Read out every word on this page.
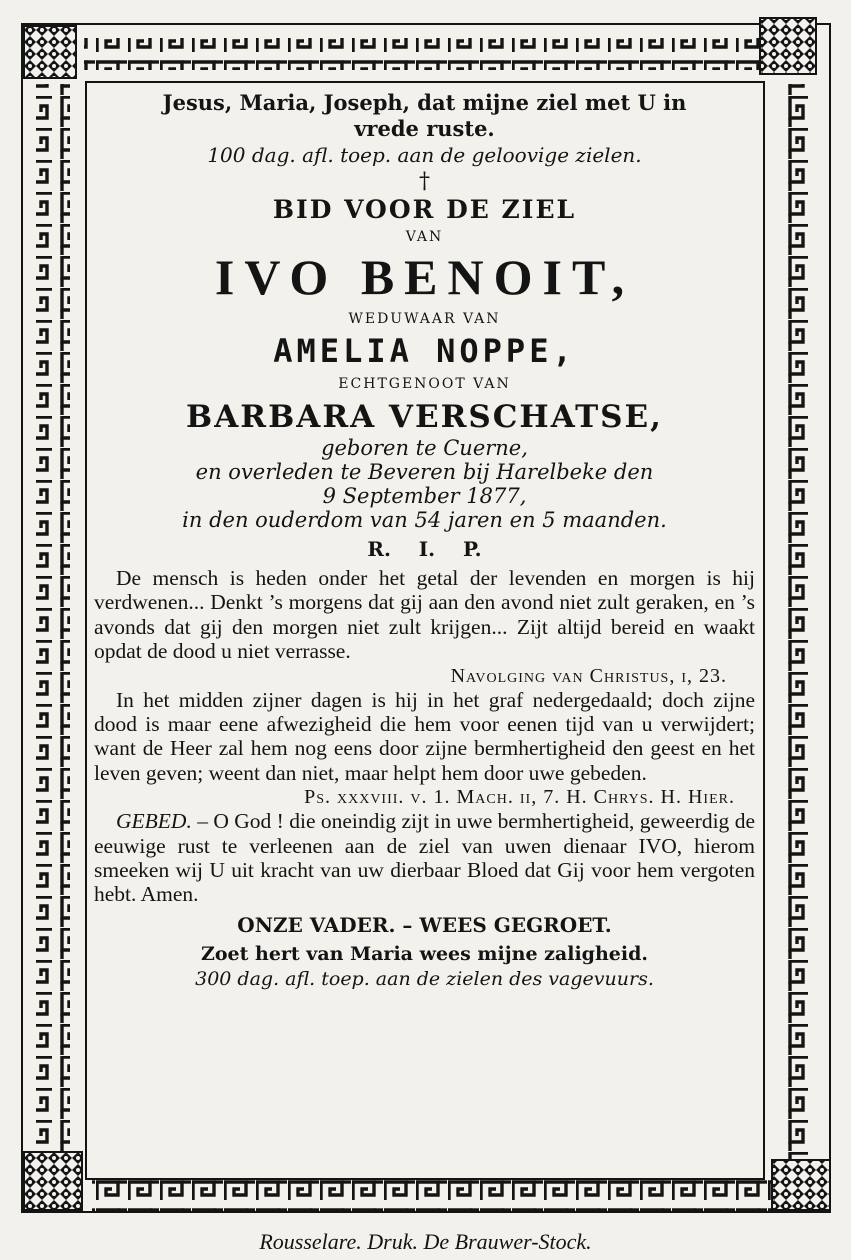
Jesus, Maria, Joseph, dat mijne ziel met U in
vrede ruste.
100 dag. afl. toep. aan de geloovige zielen.
†
BID VOOR DE ZIEL
VAN
IVO BENOIT,
WEDUWAAR VAN
AMELIA NOPPE,
ECHTGENOOT VAN
BARBARA VERSCHATSE,
geboren te Cuerne,
en overleden te Beveren bij Harelbeke den
9 September 1877,
in den ouderdom van 54 jaren en 5 maanden.
R.    I.    P.

De mensch is heden onder het getal der levenden en morgen is hij verdwenen... Denkt ’s morgens dat gij aan den avond niet zult geraken, en ’s avonds dat gij den morgen niet zult krijgen... Zijt altijd bereid en waakt opdat de dood u niet verrasse.

Navolging van Christus, i, 23.

In het midden zijner dagen is hij in het graf nedergedaald; doch zijne dood is maar eene afwezigheid die hem voor eenen tijd van u verwijdert; want de Heer zal hem nog eens door zijne bermhertigheid den geest en het leven geven; weent dan niet, maar helpt hem door uwe gebeden.

Ps. xxxviii. v. 1. Mach. ii, 7. H. Chrys. H. Hier.

GEBED. – O God ! die oneindig zijt in uwe bermhertigheid, geweerdig de eeuwige rust te verleenen aan de ziel van uwen dienaar IVO, hierom smeeken wij U uit kracht van uw dierbaar Bloed dat Gij voor hem vergoten hebt. Amen.

ONZE VADER. – WEES GEGROET.
Zoet hert van Maria wees mijne zaligheid.
300 dag. afl. toep. aan de zielen des vagevuurs.
Rousselare. Druk. De Brauwer-Stock.
